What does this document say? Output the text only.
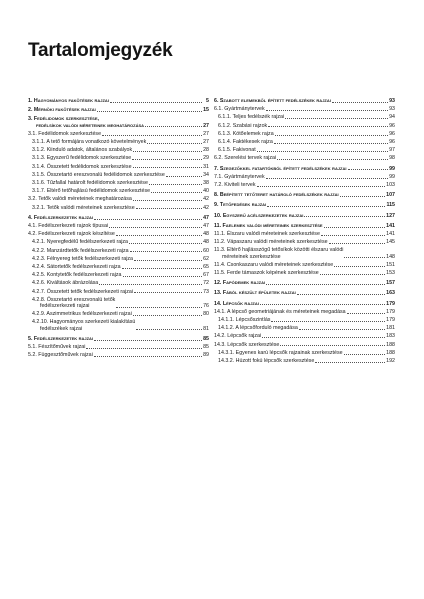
Tartalomjegyzék
1. Hagyományos fakötések rajzai	5
2. Mérnöki fakötések rajzai	15
3. Fedélidomok szerkesztése,
fedélsíkok valódi méreteinek meghatározása	27
3.1. Fedélidomok szerkesztése	27
3.1.1. A tető formájára vonatkozó követelmények	27
3.1.2. Kiinduló adatok, általános szabályok	28
3.1.3. Egyszerű fedélidomok szerkesztése	29
3.1.4. Összetett fedélidomok szerkesztése	31
3.1.5. Összetartó ereszvonalú fedélidomok szerkesztése	34
3.1.6. Tűzfallal határolt fedélidomok szerkesztése	38
3.1.7. Eltérő tetőhajlású fedélidomok szerkesztése	40
3.2. Tetők valódi méreteinek meghatározása	42
3.2.1. Tetők valódi méreteinek szerkesztése	42
4. Fedélszerkezetek rajzai	47
4.1. Fedélszerkezeti rajzok típusai	47
4.2. Fedélszerkezeti rajzok készítése	48
4.2.1. Nyeregfedélű fedélszerkezeti rajza	48
4.2.2. Manzárdtetők fedélszerkezeti rajza	60
4.2.3. Félnyereg tetők fedélszerkezeti rajza	62
4.2.4. Sátortetők fedélszerkezeti rajza	65
4.2.5. Kontytetők fedélszerkezeti rajza	67
4.2.6. Kiváltások ábrázolása	72
4.2.7. Összetett tetők fedélszerkezeti rajzai	73
4.2.8. Összetartó ereszvonalú tetők
fedélszerkezeti rajzai	76
4.2.9. Aszimmetrikus fedélszerkezeti rajzai	80
4.2.10. Hagyományos szerkezeti kialakítású
fedélszékek rajzai	81
5. Fedélszerkezetek rajzai	85
5.1. Fészítőművek rajzai	85
5.2. Függesztőművek rajzai	89
6. Szabott elemekből épített fedélszékek rajzai	93
6.1. Gyártmánytervek	93
6.1.1. Teljes fedélszék rajzai	94
6.1.2. Szabási rajzok	96
6.1.3. Kötőelemek rajza	96
6.1.4. Faktékesek rajza	96
6.1.5. Fakivonat	97
6.2. Szerelési tervek rajzai	98
7. Szegezőkkel fatartókból épített fedélszékek rajzai	99
7.1. Gyártmánytervek	99
7.2. Kiviteli tervek	103
8. Beépített tetőteret határoló fedélszékek rajzai	107
9. Tetőfedések rajzai	115
10. Egyszerű acélszerkezetek rajzai	127
11. Faelemek valódi méreteinek szerkesztése	141
11.1. Élszaru valódi méreteinek szerkesztése	141
11.2. Vápaszaru valódi méreteinek szerkesztése	145
11.3. Eltérő hajlásszögű tetősíkok közötti élszaru valódi
méreteinek szerkesztése	148
11.4. Csonkaszaru valódi méreteinek szerkesztése	151
11.5. Ferde támaszok képének szerkesztése	153
12. Fapódemek rajzai	157
13. Fából készült épületek rajzai	163
14. Lépcsők rajzai	179
14.1. A lépcső geometriájának és méreteinek megadása	179
14.1.1. Lépcsőszintlás	179
14.1.2. A lépcsőforduló megadása	181
14.2. Lépcsők rajzai	183
14.3. Lépcsők szerkesztése	188
14.3.1. Egyenes karú lépcsők rajzainak szerkesztése	188
14.3.2. Húzott fokú lépcsők szerkesztése	192
